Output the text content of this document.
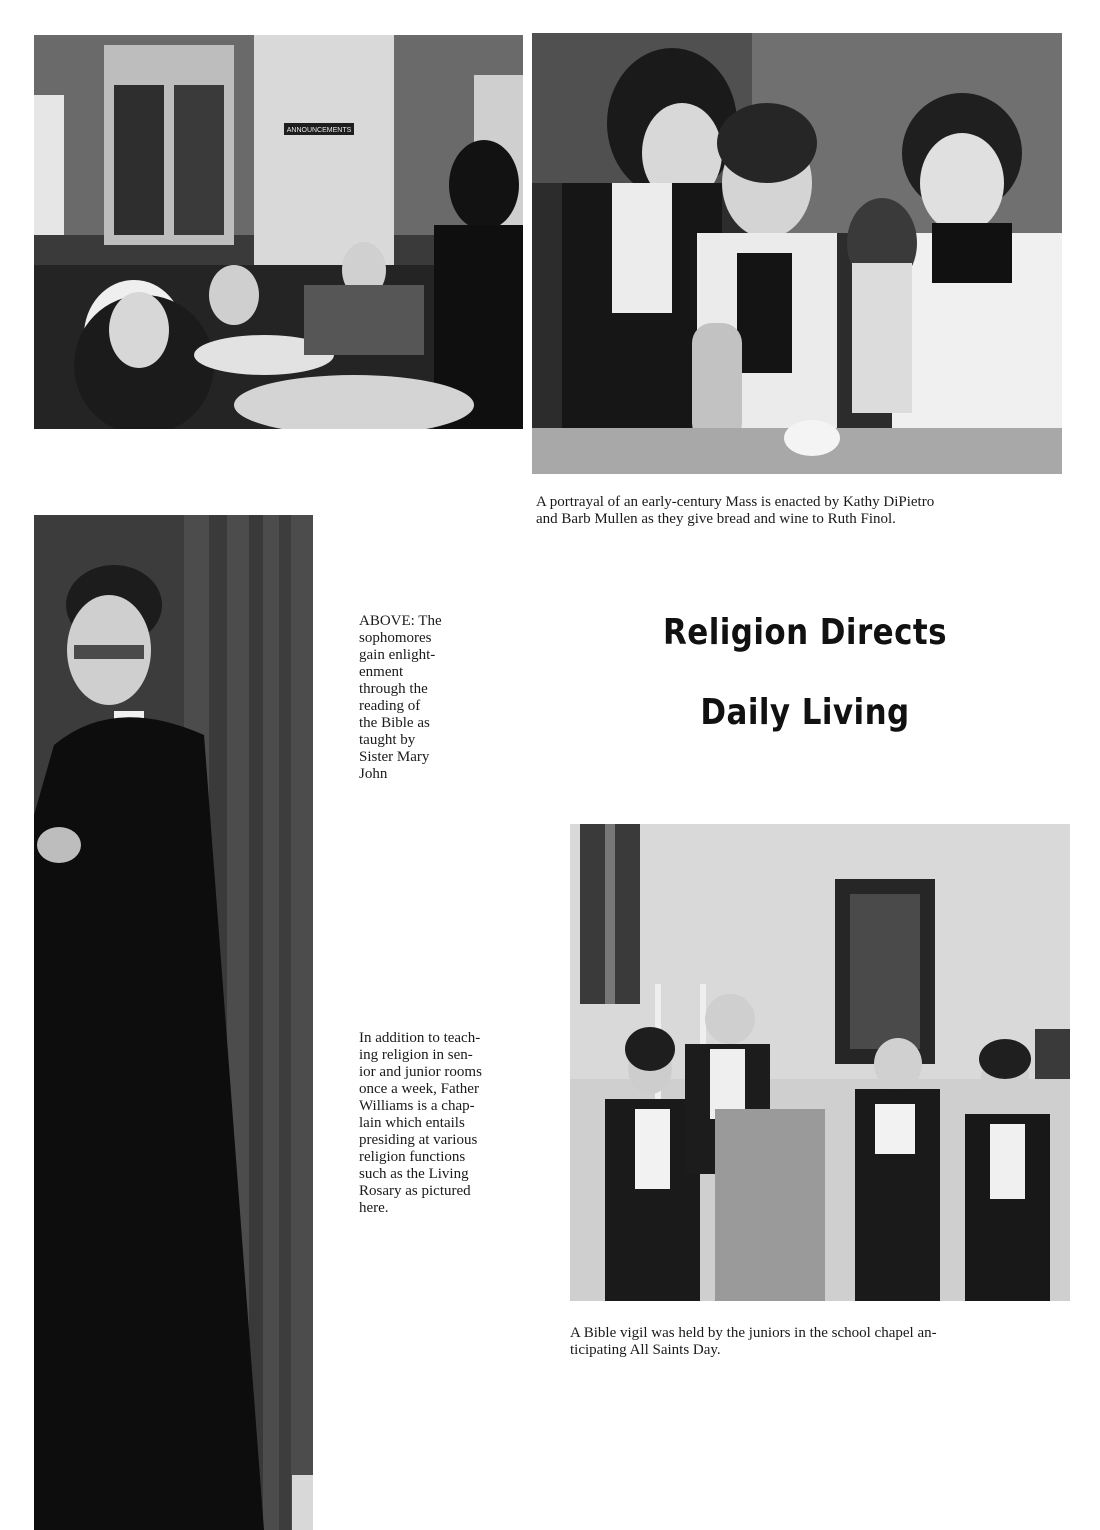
ANNOUNCEMENTS

A portrayal of an early-century Mass is enacted by Kathy DiPietro
and Barb Mullen as they give bread and wine to Ruth Finol.

ABOVE: The
sophomores
gain enlight-
enment
through the
reading of
the Bible as
taught by
Sister Mary
John

Religion Directs
Daily Living

In addition to teach-
ing religion in sen-
ior and junior rooms
once a week, Father
Williams is a chap-
lain which entails
presiding at various
religion functions
such as the Living
Rosary as pictured
here.

A Bible vigil was held by the juniors in the school chapel an-
ticipating All Saints Day.
